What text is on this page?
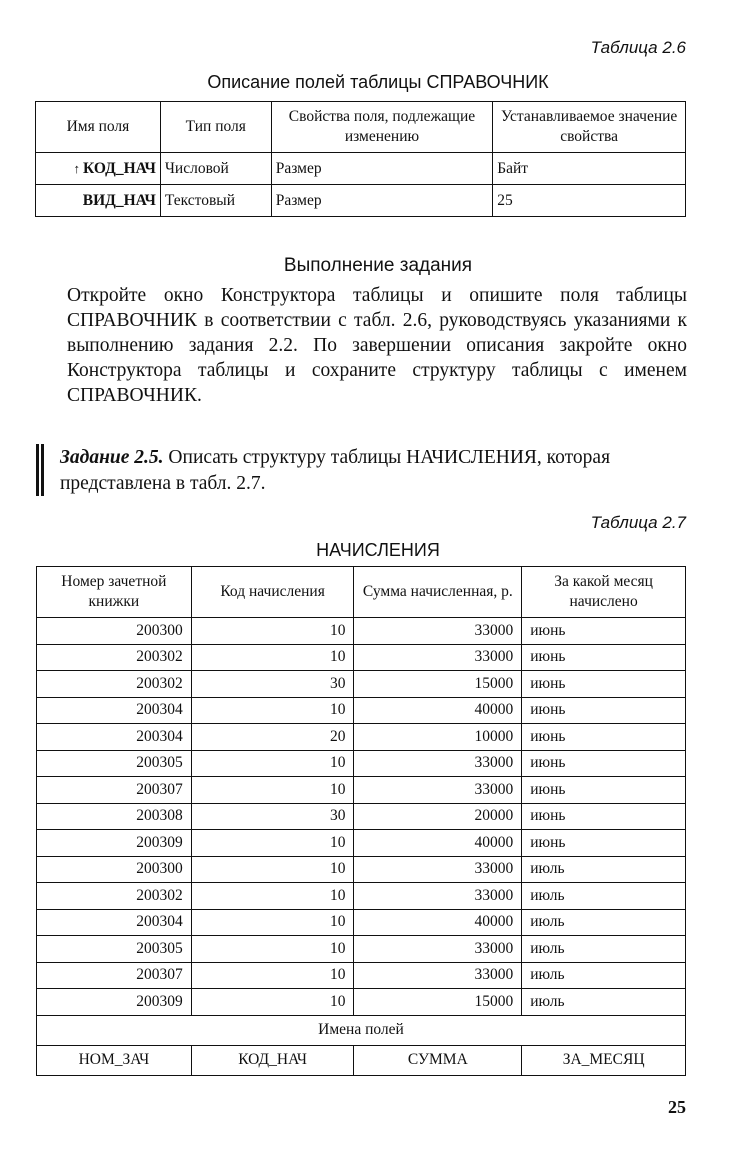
Таблица 2.6
Описание полей таблицы СПРАВОЧНИК
Имя поля	Тип поля	Свойства поля, подлежащие изменению	Устанавливаемое значение свойства
↑ КОД_НАЧ	Числовой	Размер	Байт
ВИД_НАЧ	Текстовый	Размер	25
Выполнение задания
Откройте окно Конструктора таблицы и опишите поля таблицы СПРАВОЧНИК в соответствии с табл. 2.6, руководствуясь указаниями к выполнению задания 2.2. По завершении описания закройте окно Конструктора таблицы и сохраните структуру таблицы с именем СПРАВОЧНИК.
Задание 2.5. Описать структуру таблицы НАЧИСЛЕНИЯ, которая представлена в табл. 2.7.
Таблица 2.7
НАЧИСЛЕНИЯ
Номер зачетной книжки	Код начисления	Сумма начисленная, р.	За какой месяц начислено
200300	10	33000	июнь
200302	10	33000	июнь
200302	30	15000	июнь
200304	10	40000	июнь
200304	20	10000	июнь
200305	10	33000	июнь
200307	10	33000	июнь
200308	30	20000	июнь
200309	10	40000	июнь
200300	10	33000	июль
200302	10	33000	июль
200304	10	40000	июль
200305	10	33000	июль
200307	10	33000	июль
200309	10	15000	июль
Имена полей			
НОМ_ЗАЧ	КОД_НАЧ	СУММА	ЗА_МЕСЯЦ
25
